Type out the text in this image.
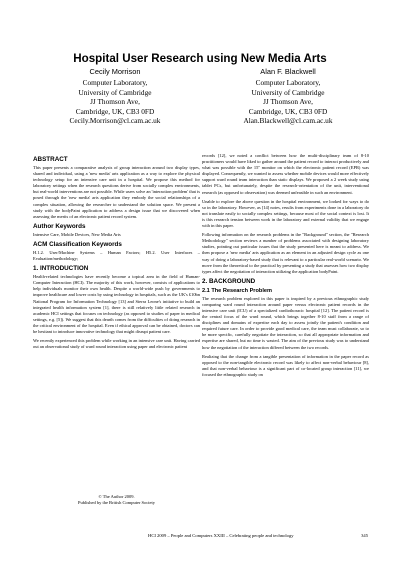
Hospital User Research using New Media Arts
Cecily Morrison
Computer Laboratory,
University of Cambridge
JJ Thomson Ave,
Cambridge, UK, CB3 0FD
Cecily.Morrison@cl.cam.ac.uk
Alan F. Blackwell
Computer Laboratory,
University of Cambridge
JJ Thomson Ave,
Cambridge, UK, CB3 0FD
Alan.Blackwell@cl.cam.ac.uk
ABSTRACT

This paper presents a comparative analysis of group interaction around two display types, shared and individual, using a 'new media' arts application as a way to explore the physical technology setup for an intensive care unit in a hospital. We propose this method for laboratory settings when the research questions derive from socially complex environments, but real-world interventions are not possible. While users solve an 'interaction problem' that is posed through the 'new media' arts application they embody the social relationships of a complex situation, allowing the researcher to understand the solution space. We present a study with the bodyPaint application to address a design issue that we discovered when assessing the merits of an electronic patient record system.

Author Keywords

Intensive Care, Mobile Devices, New Media Arts

ACM Classification Keywords

H.1.2. User/Machine Systems – Human Factors; H5.2. User Interfaces – Evaluation/methodology;

1. INTRODUCTION

Health-related technologies have recently become a topical area in the field of Human-Computer Interaction (HCI). The majority of this work, however, consists of applications to help individuals monitor their own health. Despite a world-wide push by governments to improve healthcare and lower costs by using technology in hospitals, such as the UK's £10bn National Program for Information Technology [13] and Sierra Leone's initiative to build an integrated health information system [1], there is still relatively little related research in academic HCI settings that focuses on technology (as opposed to studies of paper in medical settings, e.g. [5]). We suggest that this dearth comes from the difficulties of doing research in the critical environment of the hospital. Even if ethical approval can be obtained, doctors can be hesitant to introduce innovative technology that might disrupt patient care.

We recently experienced this problem while working in an intensive care unit. Having carried out an observational study of ward round interaction using paper and electronic patient

records [12], we noted a conflict between how the multi-disciplinary team of 8-10 practitioners would have liked to gather around the patient record to interact productively and what was possible with the 15" monitor on which the electronic patient record (EPR) was displayed. Consequently, we wanted to assess whether mobile devices would more effectively support ward round team interaction than static displays. We proposed a 2 week study using tablet PCs, but unfortunately, despite the research-orientation of the unit, interventional research (as opposed to observation) was deemed unfeasible in such an environment.

Unable to explore the above question in the hospital environment, we looked for ways to do so in the laboratory. However, as [14] notes, results from experiments done in a laboratory do not translate easily to socially complex settings, because most of the social context is lost. It is this research tension between work in the laboratory and external validity that we engage with in this paper.

Following information on the research problems in the "Background" section, the "Research Methodology" section reviews a number of problems associated with designing laboratory studies, pointing out particular issues that the study presented here is meant to address. We then propose a 'new media' arts application as an element in an adjusted design cycle as one way of doing a laboratory-based study that is relevant to a particular real-world scenario. We move from the theoretical to the practical by presenting a study that assesses how two display types affect the negotiation of interaction utilizing the application bodyPaint.

2. BACKGROUND
2.1 The Research Problem

The research problem explored in this paper is inspired by a previous ethnographic study comparing ward round interaction around paper versus electronic patient records in the intensive care unit (ICU) of a specialized cardiothoracic hospital [12]. The patient record is the central focus of the ward round, which brings together 8-10 staff from a range of disciplines and domains of expertise each day to assess jointly the patient's condition and required future care. In order to provide good medical care, the team must collaborate, so to be more specific, carefully negotiate the interaction, so that all appropriate information and expertise are shared, but no time is wasted. The aim of the previous study was to understand how the negotiation of the interaction differed between the two records.

Realizing that the change from a tangible presentation of information in the paper record as opposed to the non-tangible electronic record was likely to affect non-verbal behaviour [8], and that non-verbal behaviour is a significant part of co-located group interaction [11], we focused the ethnographic study on

© The Author 2009.
Published by the British Computer Society
HCI 2009 – People and Computers XXIII – Celebrating people and technology	345
